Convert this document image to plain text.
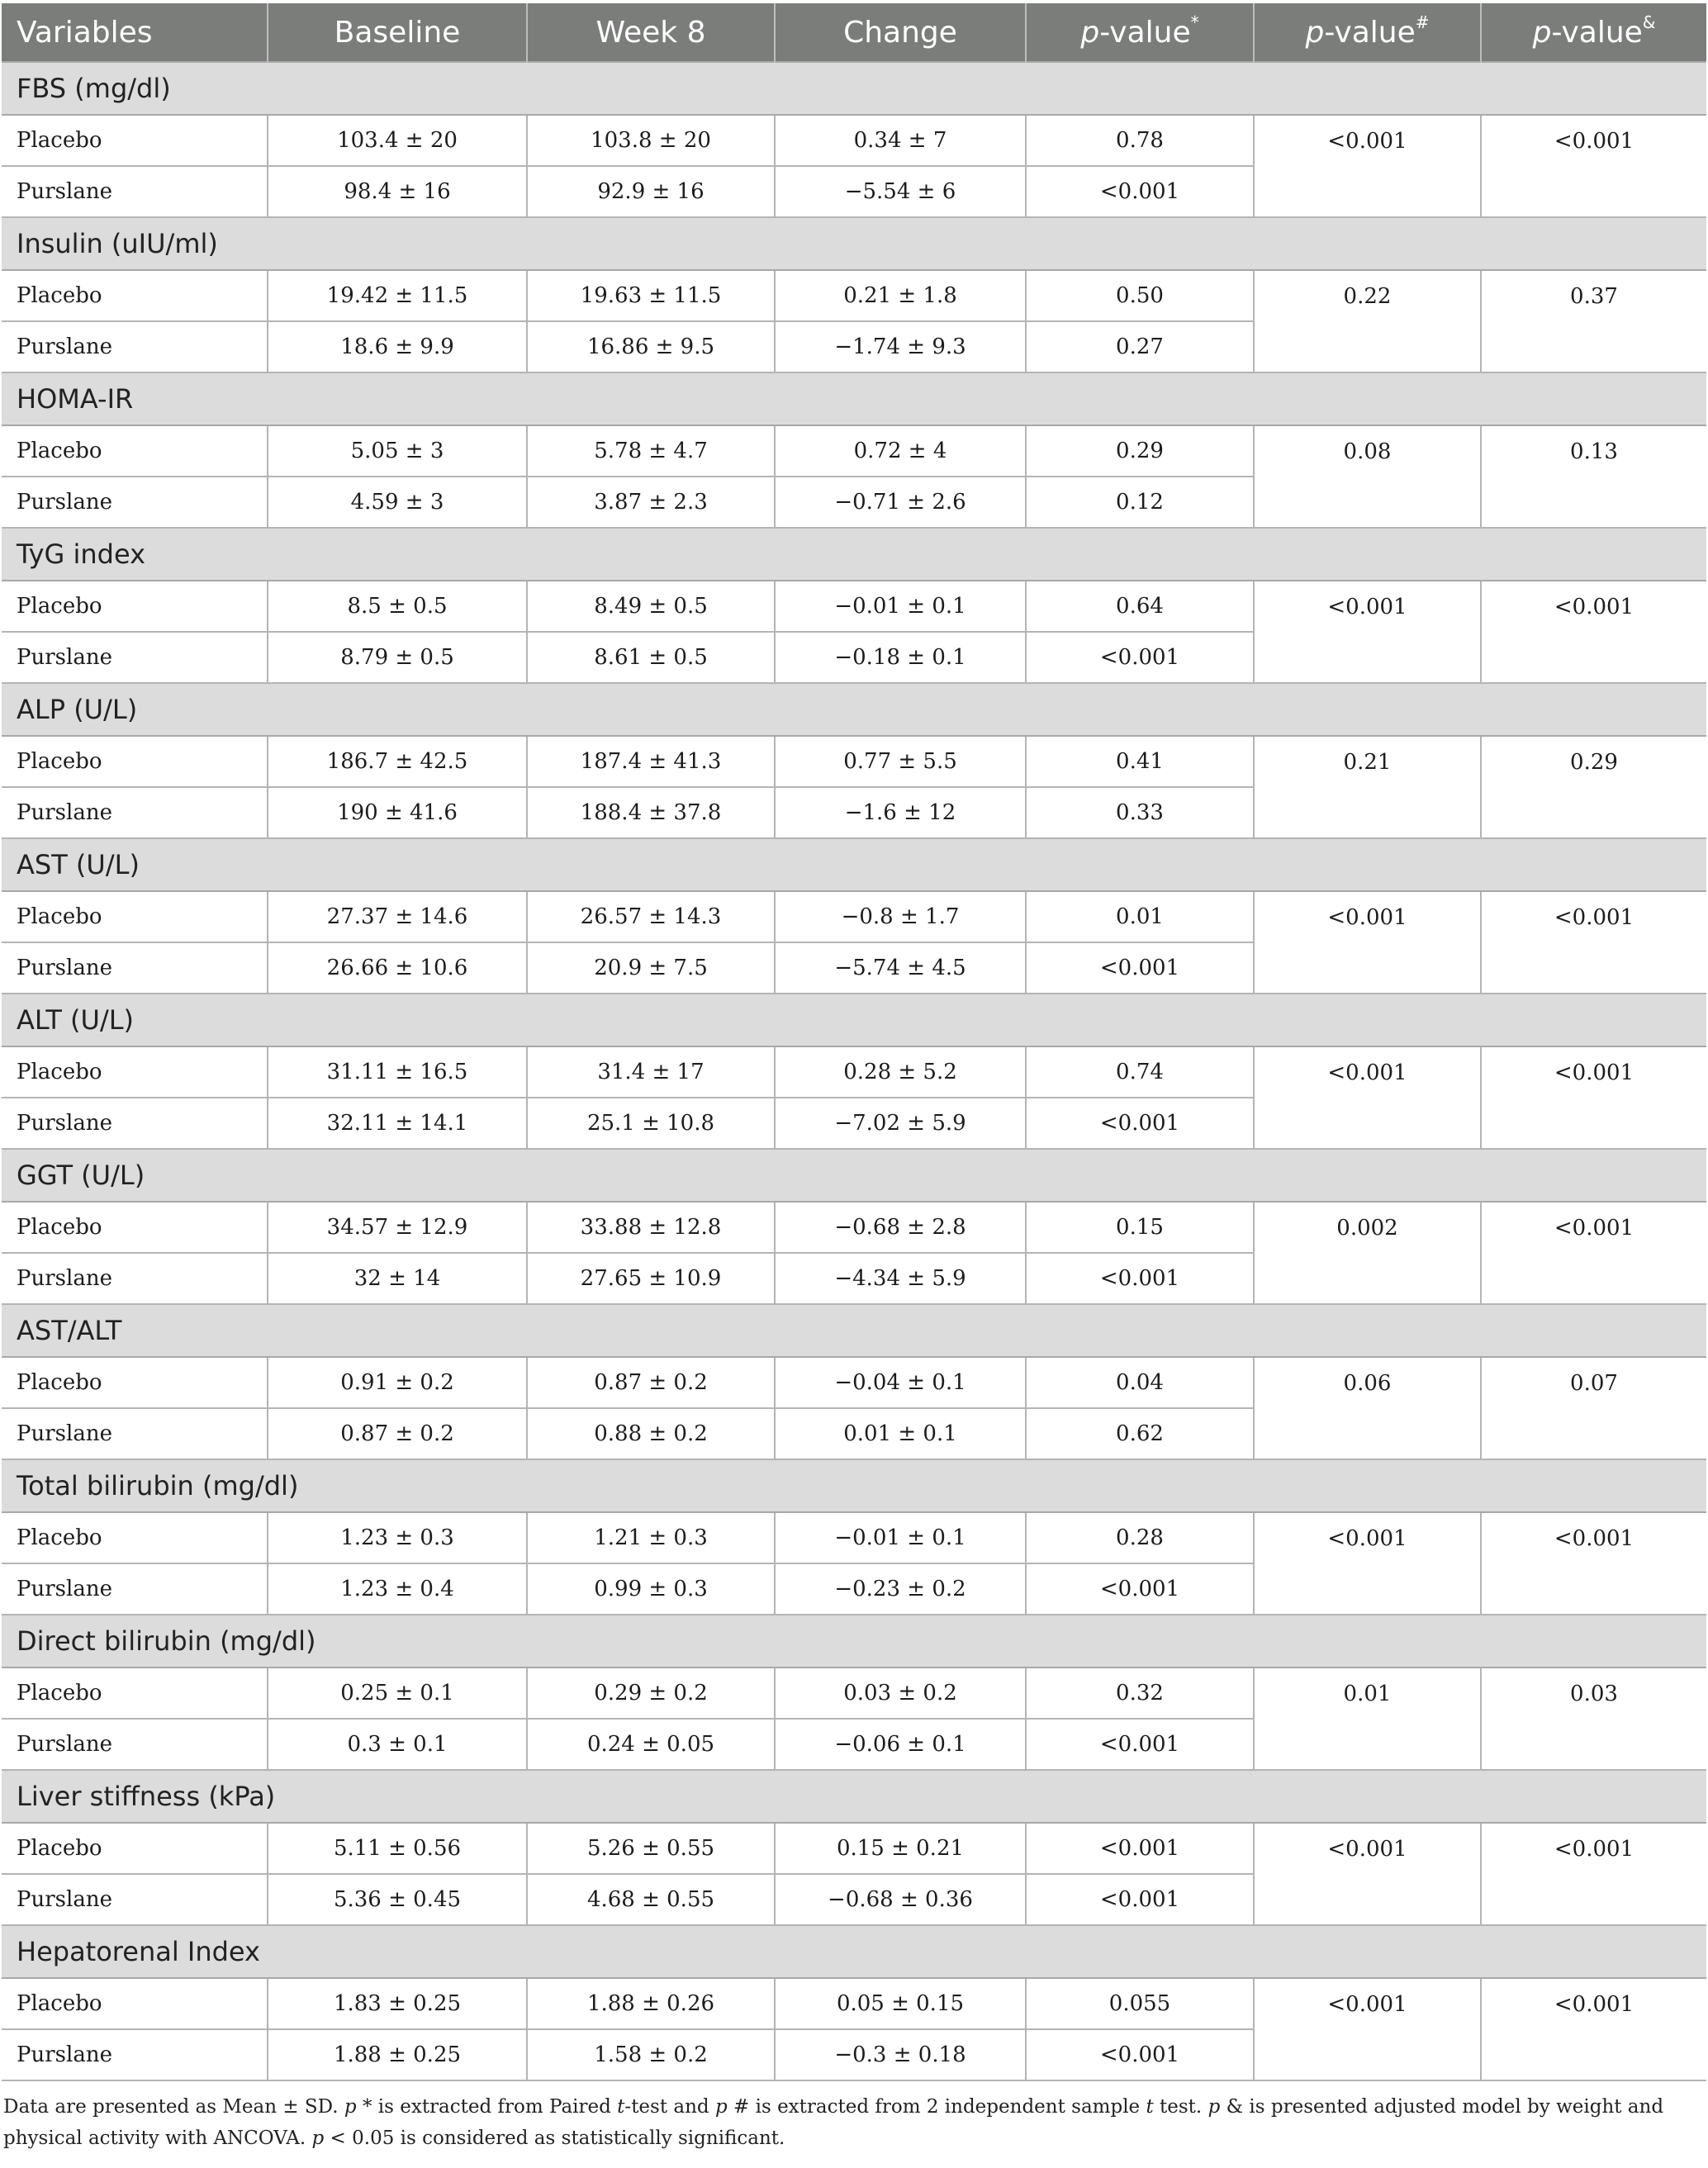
Variables	Baseline	Week 8	Change	p-value*	p-value#	p-value&
FBS (mg/dl)						
Placebo	103.4 ± 20	103.8 ± 20	0.34 ± 7	0.78	<0.001	<0.001
Purslane	98.4 ± 16	92.9 ± 16	−5.54 ± 6	<0.001		
Insulin (uIU/ml)						
Placebo	19.42 ± 11.5	19.63 ± 11.5	0.21 ± 1.8	0.50	0.22	0.37
Purslane	18.6 ± 9.9	16.86 ± 9.5	−1.74 ± 9.3	0.27		
HOMA-IR						
Placebo	5.05 ± 3	5.78 ± 4.7	0.72 ± 4	0.29	0.08	0.13
Purslane	4.59 ± 3	3.87 ± 2.3	−0.71 ± 2.6	0.12		
TyG index						
Placebo	8.5 ± 0.5	8.49 ± 0.5	−0.01 ± 0.1	0.64	<0.001	<0.001
Purslane	8.79 ± 0.5	8.61 ± 0.5	−0.18 ± 0.1	<0.001		
ALP (U/L)						
Placebo	186.7 ± 42.5	187.4 ± 41.3	0.77 ± 5.5	0.41	0.21	0.29
Purslane	190 ± 41.6	188.4 ± 37.8	−1.6 ± 12	0.33		
AST (U/L)						
Placebo	27.37 ± 14.6	26.57 ± 14.3	−0.8 ± 1.7	0.01	<0.001	<0.001
Purslane	26.66 ± 10.6	20.9 ± 7.5	−5.74 ± 4.5	<0.001		
ALT (U/L)						
Placebo	31.11 ± 16.5	31.4 ± 17	0.28 ± 5.2	0.74	<0.001	<0.001
Purslane	32.11 ± 14.1	25.1 ± 10.8	−7.02 ± 5.9	<0.001		
GGT (U/L)						
Placebo	34.57 ± 12.9	33.88 ± 12.8	−0.68 ± 2.8	0.15	0.002	<0.001
Purslane	32 ± 14	27.65 ± 10.9	−4.34 ± 5.9	<0.001		
AST/ALT						
Placebo	0.91 ± 0.2	0.87 ± 0.2	−0.04 ± 0.1	0.04	0.06	0.07
Purslane	0.87 ± 0.2	0.88 ± 0.2	0.01 ± 0.1	0.62		
Total bilirubin (mg/dl)						
Placebo	1.23 ± 0.3	1.21 ± 0.3	−0.01 ± 0.1	0.28	<0.001	<0.001
Purslane	1.23 ± 0.4	0.99 ± 0.3	−0.23 ± 0.2	<0.001		
Direct bilirubin (mg/dl)						
Placebo	0.25 ± 0.1	0.29 ± 0.2	0.03 ± 0.2	0.32	0.01	0.03
Purslane	0.3 ± 0.1	0.24 ± 0.05	−0.06 ± 0.1	<0.001		
Liver stiffness (kPa)						
Placebo	5.11 ± 0.56	5.26 ± 0.55	0.15 ± 0.21	<0.001	<0.001	<0.001
Purslane	5.36 ± 0.45	4.68 ± 0.55	−0.68 ± 0.36	<0.001		
Hepatorenal Index						
Placebo	1.83 ± 0.25	1.88 ± 0.26	0.05 ± 0.15	0.055	<0.001	<0.001
Purslane	1.88 ± 0.25	1.58 ± 0.2	−0.3 ± 0.18	<0.001		
Data are presented as Mean ± SD. p * is extracted from Paired t-test and p # is extracted from 2 independent sample t test. p & is presented adjusted model by weight and physical activity with ANCOVA. p < 0.05 is considered as statistically significant.
